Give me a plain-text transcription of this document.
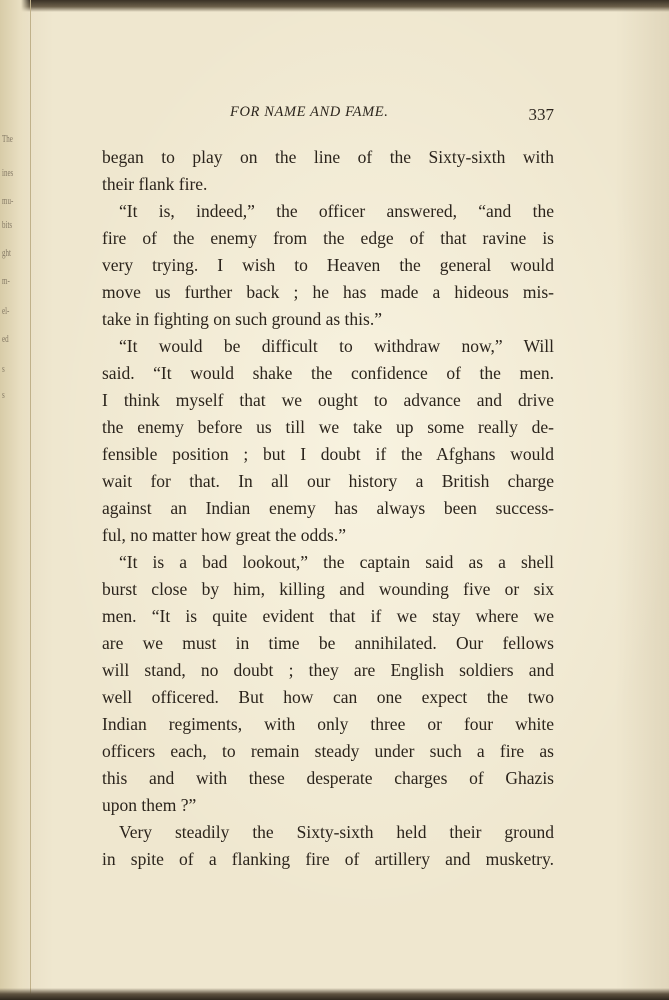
The
ines
mu-
bits
ght
m-
el-
ed
s
s
FOR NAME AND FAME.	337
began to play on the line of the Sixty-sixth with
their flank fire.
“It is, indeed,” the officer answered, “and the
fire of the enemy from the edge of that ravine is
very trying. I wish to Heaven the general would
move us further back ; he has made a hideous mis-
take in fighting on such ground as this.”
“It would be difficult to withdraw now,” Will
said. “It would shake the confidence of the men.
I think myself that we ought to advance and drive
the enemy before us till we take up some really de-
fensible position ; but I doubt if the Afghans would
wait for that. In all our history a British charge
against an Indian enemy has always been success-
ful, no matter how great the odds.”
“It is a bad lookout,” the captain said as a shell
burst close by him, killing and wounding five or six
men. “It is quite evident that if we stay where we
are we must in time be annihilated. Our fellows
will stand, no doubt ; they are English soldiers and
well officered. But how can one expect the two
Indian regiments, with only three or four white
officers each, to remain steady under such a fire as
this and with these desperate charges of Ghazis
upon them ?”
Very steadily the Sixty-sixth held their ground
in spite of a flanking fire of artillery and musketry.
